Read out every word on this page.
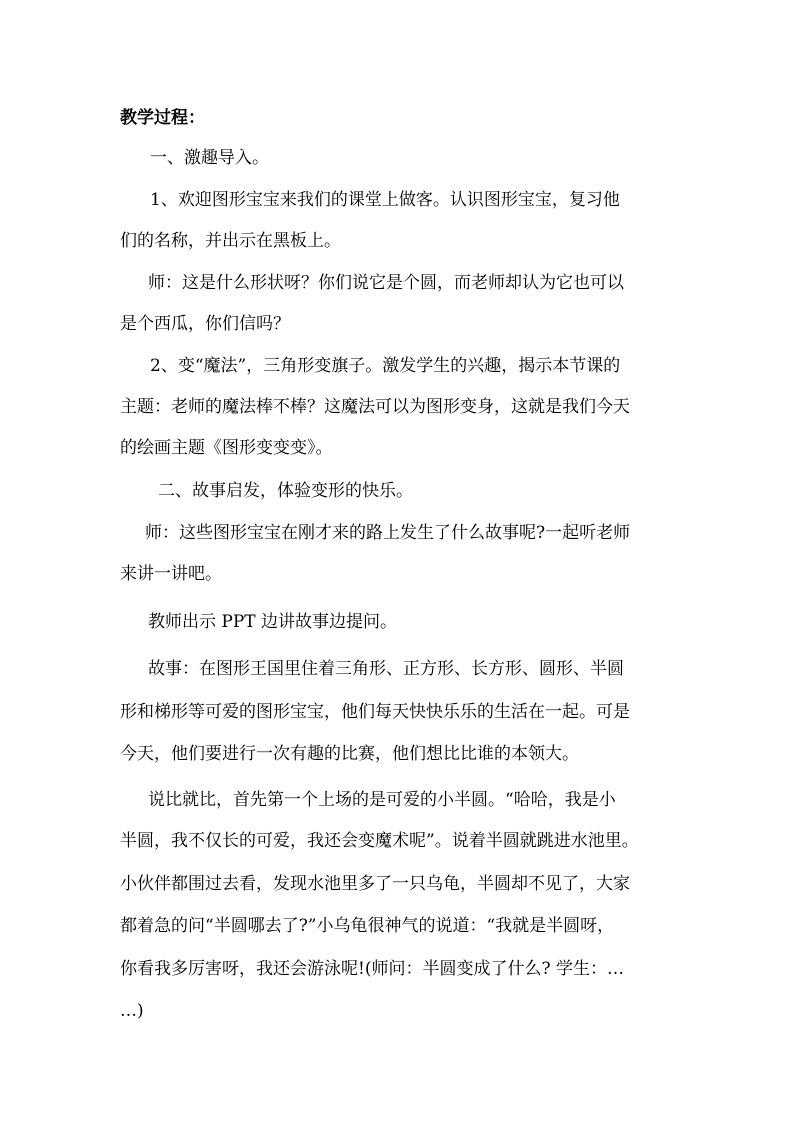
教学过程：
一、激趣导入。
1、欢迎图形宝宝来我们的课堂上做客。认识图形宝宝，复习他
们的名称，并出示在黑板上。
师：这是什么形状呀？你们说它是个圆，而老师却认为它也可以
是个西瓜，你们信吗？
2、变“魔法”，三角形变旗子。激发学生的兴趣，揭示本节课的
主题：老师的魔法棒不棒？这魔法可以为图形变身，这就是我们今天
的绘画主题《图形变变变》。
二、故事启发，体验变形的快乐。
师：这些图形宝宝在刚才来的路上发生了什么故事呢?一起听老师
来讲一讲吧。
教师出示 PPT 边讲故事边提问。
故事：在图形王国里住着三角形、正方形、长方形、圆形、半圆
形和梯形等可爱的图形宝宝，他们每天快快乐乐的生活在一起。可是
今天，他们要进行一次有趣的比赛，他们想比比谁的本领大。
说比就比，首先第一个上场的是可爱的小半圆。“哈哈，我是小
半圆，我不仅长的可爱，我还会变魔术呢”。说着半圆就跳进水池里。
小伙伴都围过去看，发现水池里多了一只乌龟，半圆却不见了，大家
都着急的问“半圆哪去了?”小乌龟很神气的说道：“我就是半圆呀，
你看我多厉害呀，我还会游泳呢!(师问：半圆变成了什么? 学生：…
…)
